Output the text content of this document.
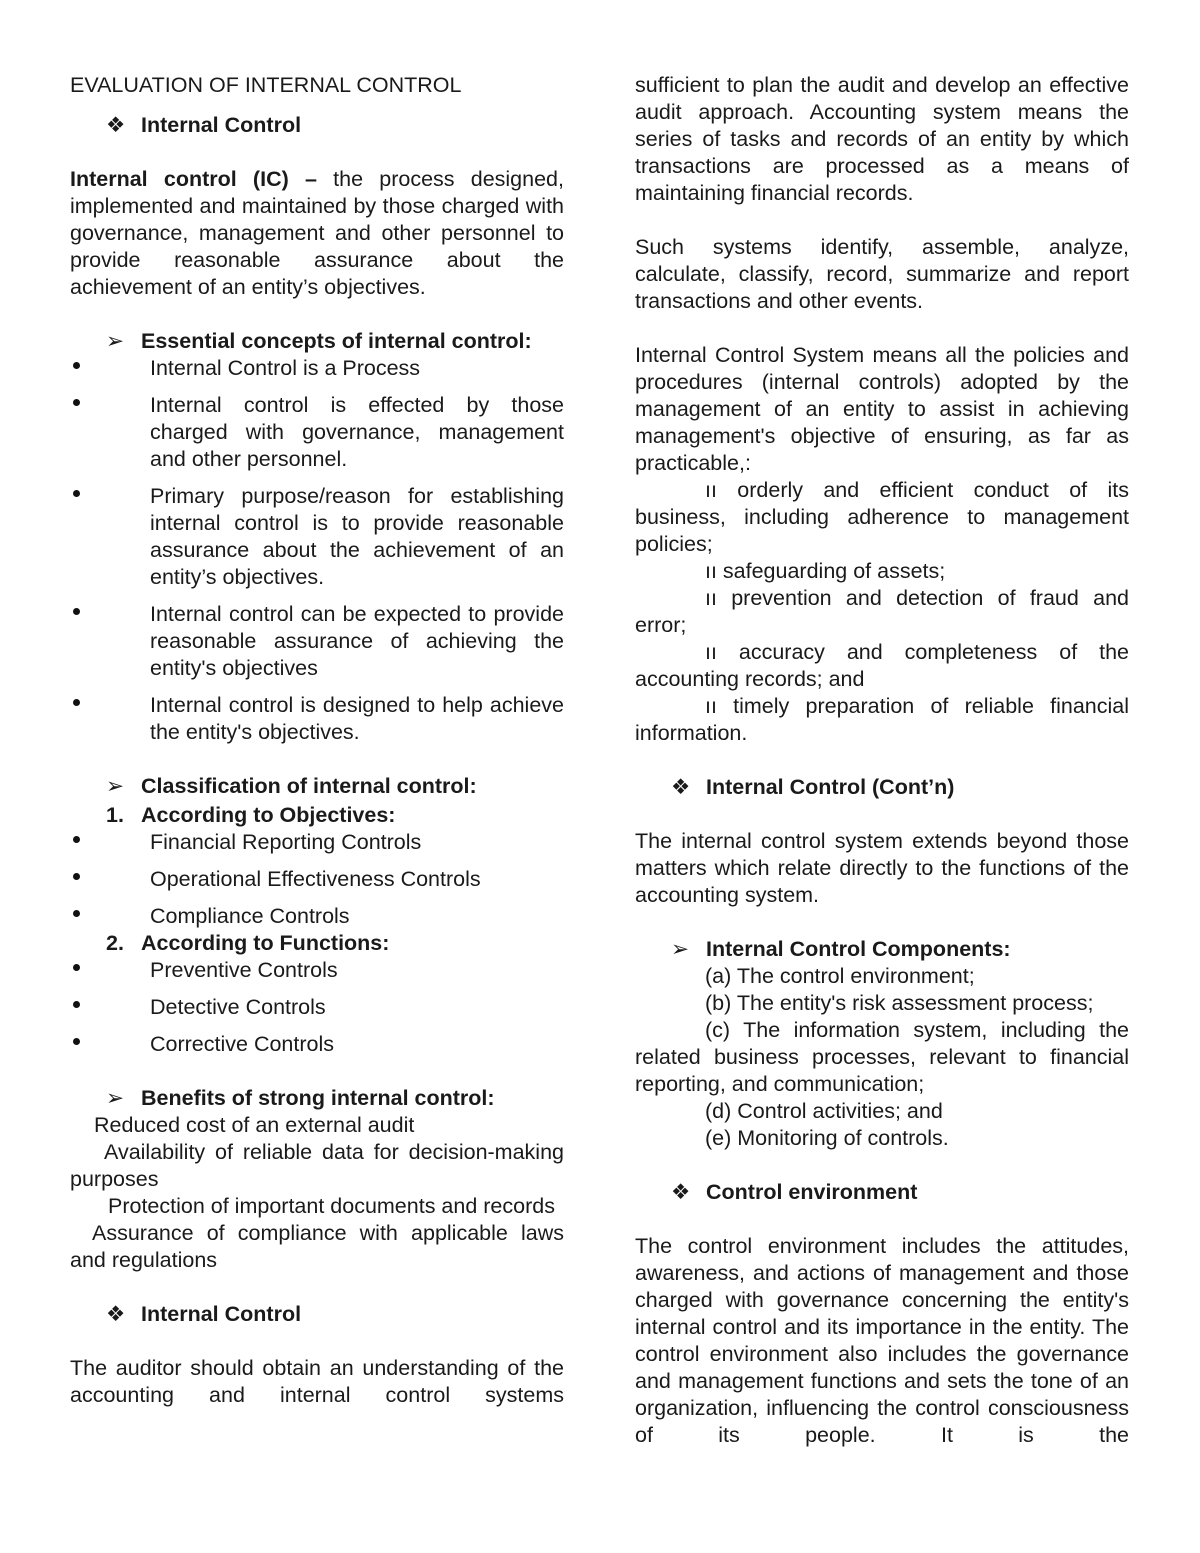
EVALUATION OF INTERNAL CONTROL

❖ Internal Control

Internal control (IC) – the process designed, implemented and maintained by those charged with governance, management and other personnel to provide reasonable assurance about the achievement of an entity’s objectives.

➢ Essential concepts of internal control:

Internal Control is a Process
Internal control is effected by those charged with governance, management and other personnel.
Primary purpose/reason for establishing internal control is to provide reasonable assurance about the achievement of an entity’s objectives.
Internal control can be expected to provide reasonable assurance of achieving the entity's objectives
Internal control is designed to help achieve the entity's objectives.

➢ Classification of internal control:

1. According to Objectives:

Financial Reporting Controls
Operational Effectiveness Controls
Compliance Controls

2. According to Functions:

Preventive Controls
Detective Controls
Corrective Controls

➢ Benefits of strong internal control:

Reduced cost of an external audit

Availability of reliable data for decision-making purposes

Protection of important documents and records

Assurance of compliance with applicable laws and regulations

❖ Internal Control

The auditor should obtain an understanding of the accounting and internal control systems

sufficient to plan the audit and develop an effective audit approach. Accounting system means the series of tasks and records of an entity by which transactions are processed as a means of maintaining financial records.

Such systems identify, assemble, analyze, calculate, classify, record, summarize and report transactions and other events.

Internal Control System means all the policies and procedures (internal controls) adopted by the management of an entity to assist in achieving management's objective of ensuring, as far as practicable,:

ıı orderly and efficient conduct of its business, including adherence to management policies;

ıı safeguarding of assets;

ıı prevention and detection of fraud and error;

ıı accuracy and completeness of the accounting records; and

ıı timely preparation of reliable financial information.

❖ Internal Control (Cont’n)

The internal control system extends beyond those matters which relate directly to the functions of the accounting system.

➢ Internal Control Components:

(a) The control environment;

(b) The entity's risk assessment process;

(c) The information system, including the related business processes, relevant to financial reporting, and communication;

(d) Control activities; and

(e) Monitoring of controls.

❖ Control environment

The control environment includes the attitudes, awareness, and actions of management and those charged with governance concerning the entity's internal control and its importance in the entity. The control environment also includes the governance and management functions and sets the tone of an organization, influencing the control consciousness of its people. It is the
